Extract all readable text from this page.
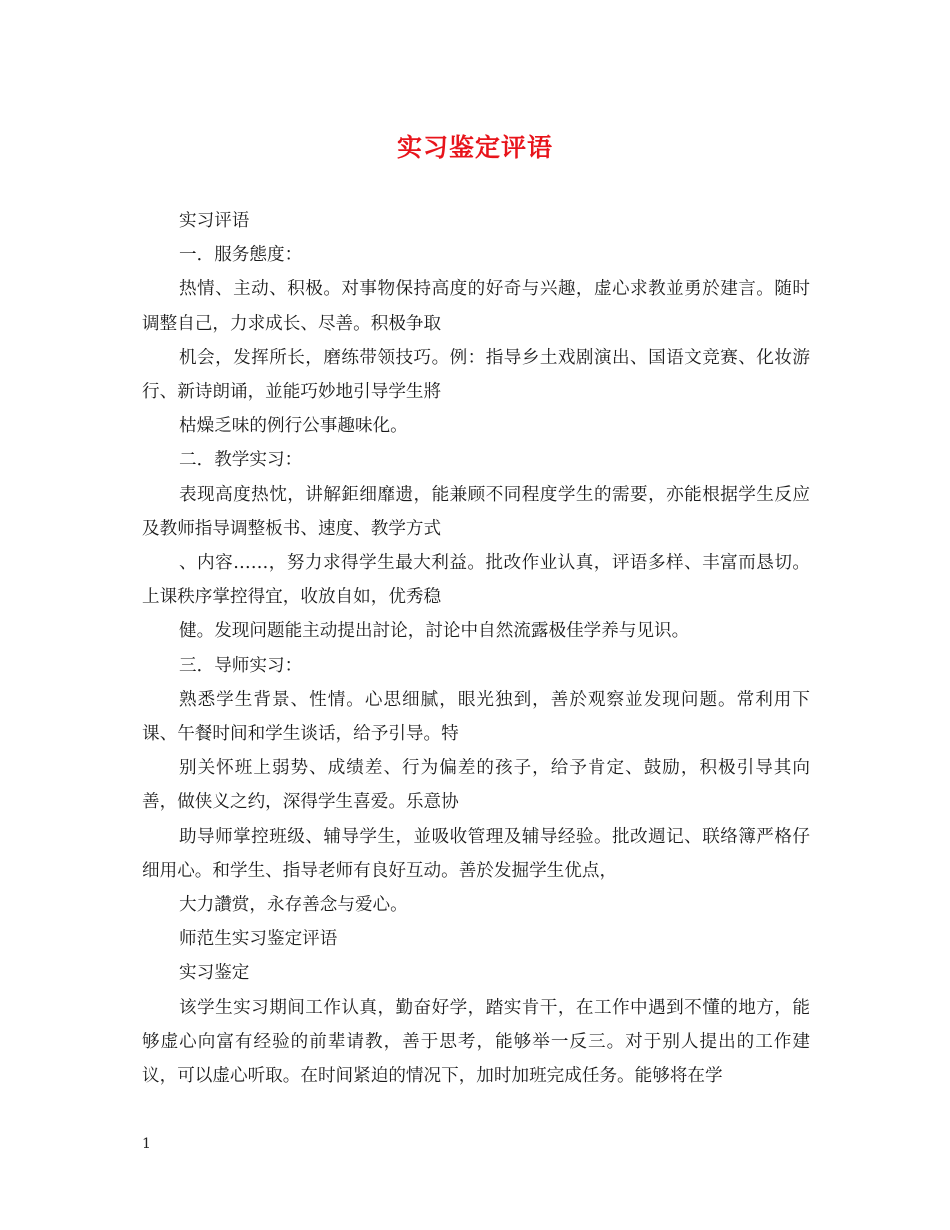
实习鉴定评语

实习评语

一．服务態度：

热情、主动、积极。对事物保持高度的好奇与兴趣，虚心求教並勇於建言。随时调整自己，力求成长、尽善。积极争取

机会，发挥所长，磨练带领技巧。例：指导乡土戏剧演出、国语文竞赛、化妆游行、新诗朗诵，並能巧妙地引导学生將

枯燥乏味的例行公事趣味化。

二．教学实习：

表现高度热忱，讲解鉅细靡遗，能兼顾不同程度学生的需要，亦能根据学生反应及教师指导调整板书、速度、教学方式

、内容……，努力求得学生最大利益。批改作业认真，评语多样、丰富而恳切。上课秩序掌控得宜，收放自如，优秀稳

健。发现问题能主动提出討论，討论中自然流露极佳学养与见识。

三．导师实习：

熟悉学生背景、性情。心思细腻，眼光独到，善於观察並发现问题。常利用下课、午餐时间和学生谈话，给予引导。特

别关怀班上弱势、成绩差、行为偏差的孩子，给予肯定、鼓励，积极引导其向善，做侠义之约，深得学生喜爱。乐意协

助导师掌控班级、辅导学生，並吸收管理及辅导经验。批改週记、联络簿严格仔细用心。和学生、指导老师有良好互动。善於发掘学生优点，

大力讚赏，永存善念与爱心。

师范生实习鉴定评语

实习鉴定

该学生实习期间工作认真，勤奋好学，踏实肯干，在工作中遇到不懂的地方，能够虚心向富有经验的前辈请教，善于思考，能够举一反三。对于别人提出的工作建议，可以虚心听取。在时间紧迫的情况下，加时加班完成任务。能够将在学

1
